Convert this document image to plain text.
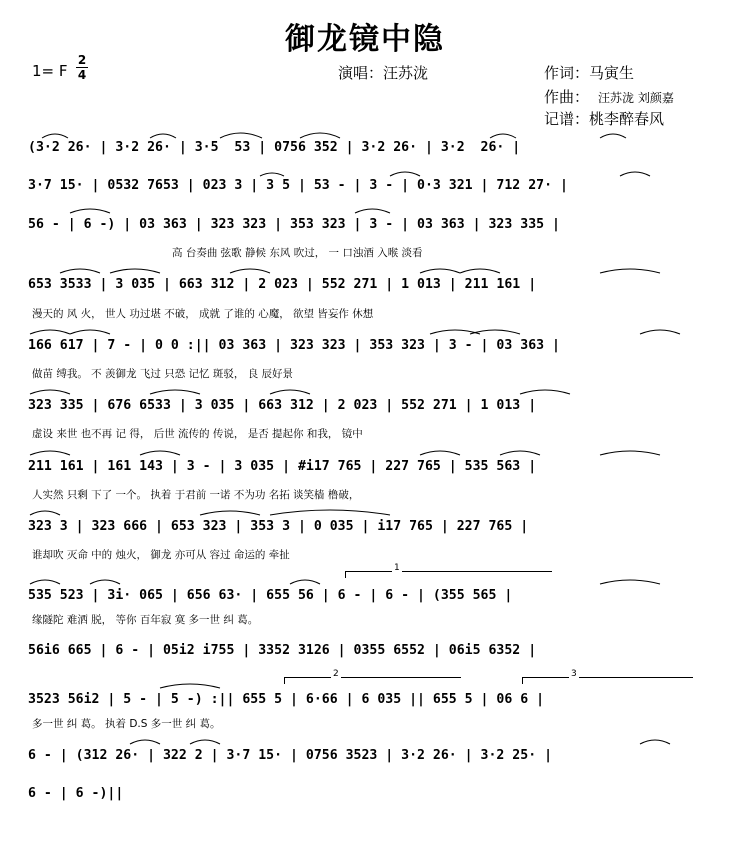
御龙镜中隐
1= F
2
4	演唱：汪苏泷	作词：马寅生
作曲： 汪苏泷 刘颜嘉
记谱：桃李醉春风
(3·2 26· | 3·2 26· | 3·5  53 | 0756 352 | 3·2 26· | 3·2  26· |
3·7 15· | 0532 7653 | 023 3 | 3 5 | 53 - | 3 - | 0·3 321 | 712 27· |
56 - | 6 -) | 03 363 | 323 323 | 353 323 | 3 - | 03 363 | 323 335 |
高 台奏曲 弦歌 静候 东风 吹过， 一 口浊酒 入喉 淡看
653 3533 | 3 035 | 663 312 | 2 023 | 552 271 | 1 013 | 211 161 |
漫天的 风 火， 世人 功过堪 不破， 成就 了谁的 心魔， 欲望 皆妄作 休想
166 617 | 7 - | 0 0 :|| 03 363 | 323 323 | 353 323 | 3 - | 03 363 |
做苗 缚我。 不 羡御龙 飞过 只恐 记忆 斑驳， 良 辰好景
323 335 | 676 6533 | 3 035 | 663 312 | 2 023 | 552 271 | 1 013 |
虚设 来世 也不再 记 得， 后世 流传的 传说， 是否 提起你 和我， 镜中
211 161 | 161 143 | 3 - | 3 035 | #i17 765 | 227 765 | 535 563 |
人实然 只剩 下了 一个。 执着 于君前 一诺 不为功 名拓 谈笑樯 橹破，
323 3 | 323 666 | 653 323 | 353 3 | 0 035 | i17 765 | 227 765 |
谁却吹 灭命 中的 烛火， 御龙 亦可从 容过 命运的 牵扯
1
535 523 | 3i· 065 | 656 63· | 655 56 | 6 - | 6 - | (355 565 |
缘隧陀 难洒 脱， 等你 百年寂 寞 多一世 纠 葛。
56i6 665 | 6 - | 05i2 i755 | 3352 3126 | 0355 6552 | 06i5 6352 |
2	3
3523 56i2 | 5 - | 5 -) :|| 655 5 | 6·66 | 6 035 || 655 5 | 06 6 |
多一世 纠 葛。 执着 D.S 多一世 纠 葛。
6 - | (312 26· | 322 2 | 3·7 15· | 0756 3523 | 3·2 26· | 3·2 25· |
6 - | 6 -)||
